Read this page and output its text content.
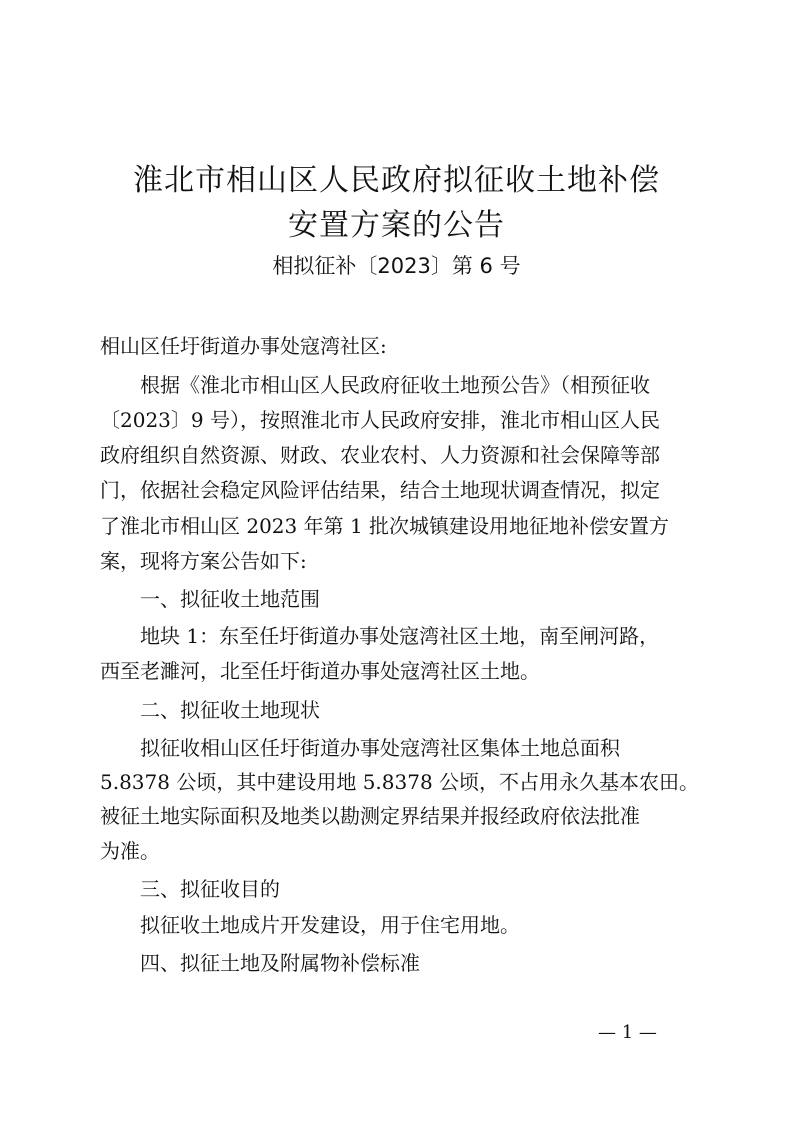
淮北市相山区人民政府拟征收土地补偿
安置方案的公告
相拟征补〔2023〕第 6 号
相山区任圩街道办事处寇湾社区:
根据《淮北市相山区人民政府征收土地预公告》（相预征收
〔2023〕9 号），按照淮北市人民政府安排，淮北市相山区人民
政府组织自然资源、财政、农业农村、人力资源和社会保障等部
门，依据社会稳定风险评估结果，结合土地现状调查情况，拟定
了淮北市相山区 2023 年第 1 批次城镇建设用地征地补偿安置方
案，现将方案公告如下:
一、拟征收土地范围
地块 1：东至任圩街道办事处寇湾社区土地，南至闸河路，
西至老濉河，北至任圩街道办事处寇湾社区土地。
二、拟征收土地现状
拟征收相山区任圩街道办事处寇湾社区集体土地总面积
5.8378 公顷，其中建设用地 5.8378 公顷，不占用永久基本农田。
被征土地实际面积及地类以勘测定界结果并报经政府依法批准
为准。
三、拟征收目的
拟征收土地成片开发建设，用于住宅用地。
四、拟征土地及附属物补偿标准
— 1 —
